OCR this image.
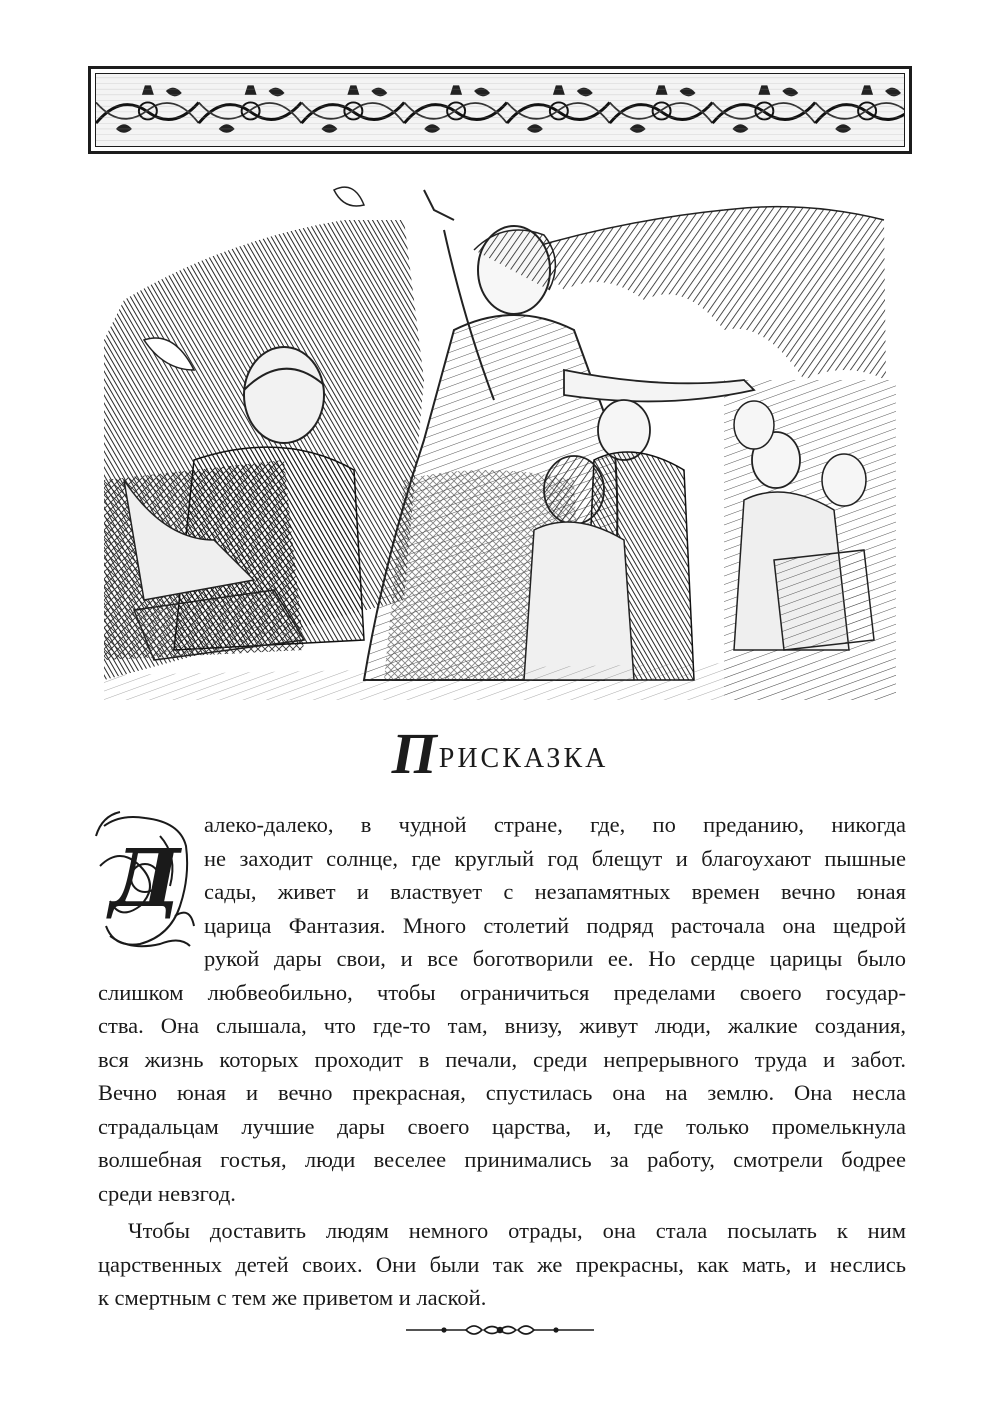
Присказка
Д
алеко-далеко, в чудной стране, где, по преданию, никогда
не заходит солнце, где круглый год блещут и благоухают пышные
сады, живет и властвует с незапамятных времен вечно юная
царица Фантазия. Много столетий подряд расточала она щедрой
рукой дары свои, и все боготворили ее. Но сердце царицы было
слишком любвеобильно, чтобы ограничиться пределами своего государ-
ства. Она слышала, что где-то там, внизу, живут люди, жалкие создания,
вся жизнь которых проходит в печали, среди непрерывного труда и забот.
Вечно юная и вечно прекрасная, спустилась она на землю. Она несла
страдальцам лучшие дары своего царства, и, где только промелькнула
волшебная гостья, люди веселее принимались за работу, смотрели бодрее
среди невзгод.
Чтобы доставить людям немного отрады, она стала посылать к ним
царственных детей своих. Они были так же прекрасны, как мать, и неслись
к смертным с тем же приветом и лаской.
